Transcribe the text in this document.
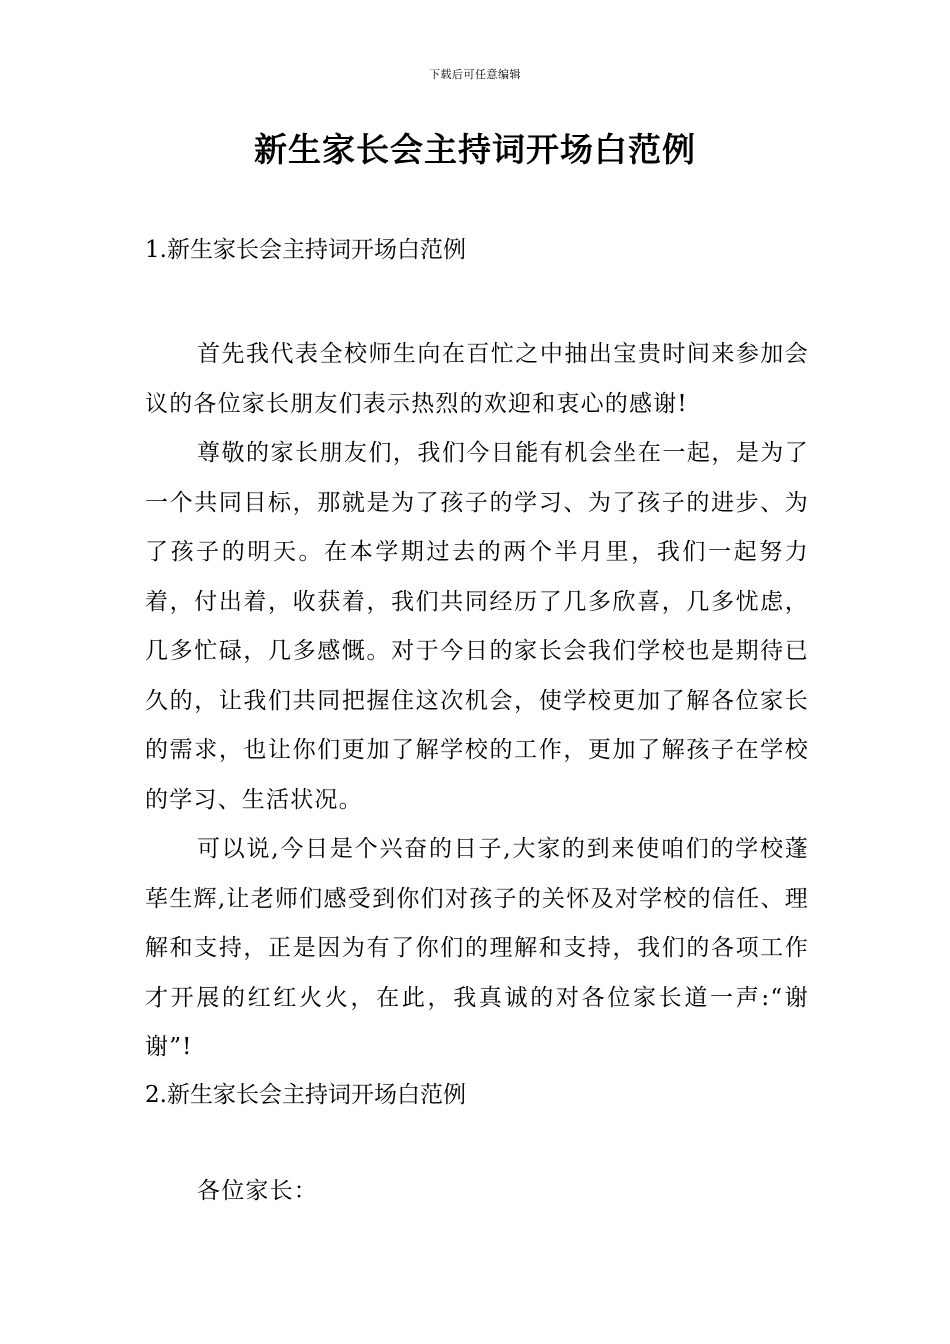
下载后可任意编辑
新生家长会主持词开场白范例

1.新生家长会主持词开场白范例

首先我代表全校师生向在百忙之中抽出宝贵时间来参加会议的各位家长朋友们表示热烈的欢迎和衷心的感谢!

尊敬的家长朋友们，我们今日能有机会坐在一起，是为了一个共同目标，那就是为了孩子的学习、为了孩子的进步、为了孩子的明天。在本学期过去的两个半月里，我们一起努力着，付出着，收获着，我们共同经历了几多欣喜，几多忧虑，几多忙碌，几多感慨。对于今日的家长会我们学校也是期待已久的，让我们共同把握住这次机会，使学校更加了解各位家长的需求，也让你们更加了解学校的工作，更加了解孩子在学校的学习、生活状况。

可以说,今日是个兴奋的日子,大家的到来使咱们的学校蓬荜生辉,让老师们感受到你们对孩子的关怀及对学校的信任、理解和支持，正是因为有了你们的理解和支持，我们的各项工作才开展的红红火火，在此，我真诚的对各位家长道一声:“谢谢”!

2.新生家长会主持词开场白范例

各位家长：
